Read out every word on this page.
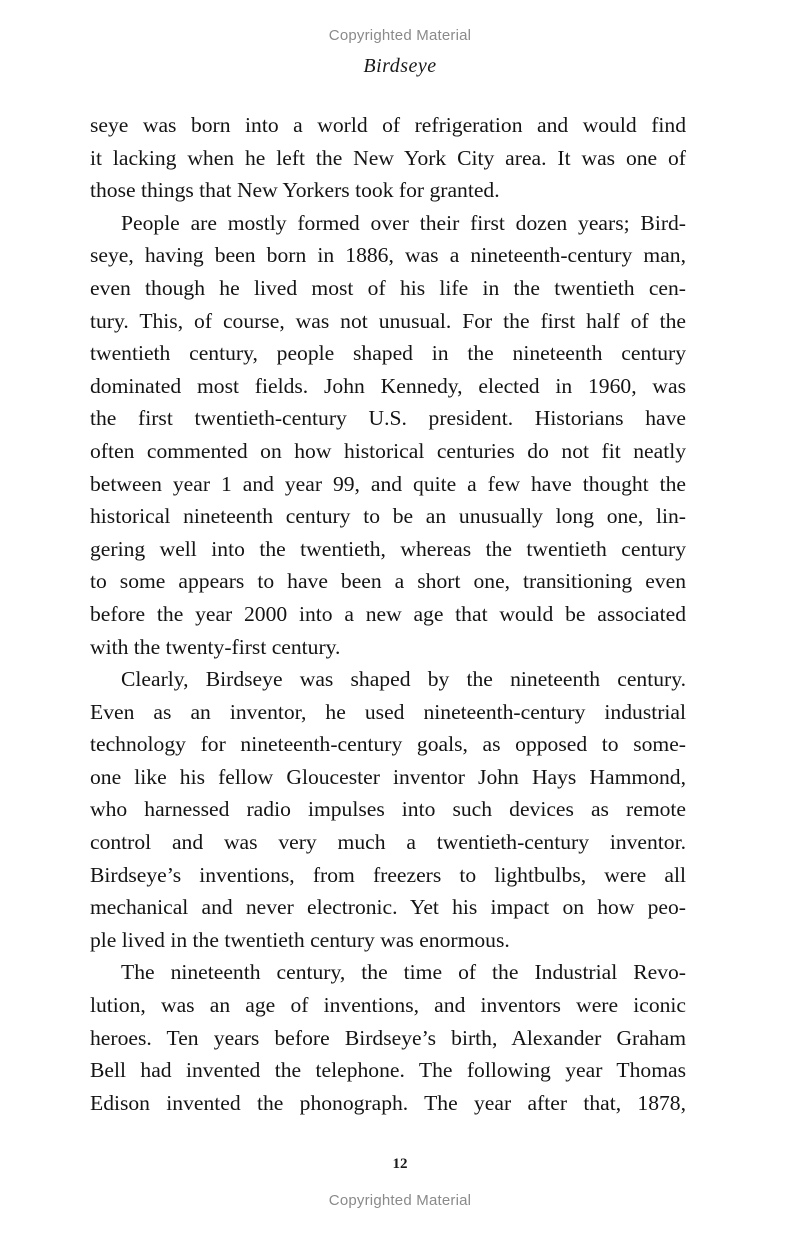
Copyrighted Material
Birdseye
seye was born into a world of refrigeration and would find
it lacking when he left the New York City area. It was one of
those things that New Yorkers took for granted.
People are mostly formed over their first dozen years; Bird-
seye, having been born in 1886, was a nineteenth-century man,
even though he lived most of his life in the twentieth cen-
tury. This, of course, was not unusual. For the first half of the
twentieth century, people shaped in the nineteenth century
dominated most fields. John Kennedy, elected in 1960, was
the first twentieth-century U.S. president. Historians have
often commented on how historical centuries do not fit neatly
between year 1 and year 99, and quite a few have thought the
historical nineteenth century to be an unusually long one, lin-
gering well into the twentieth, whereas the twentieth century
to some appears to have been a short one, transitioning even
before the year 2000 into a new age that would be associated
with the twenty-first century.
Clearly, Birdseye was shaped by the nineteenth century.
Even as an inventor, he used nineteenth-century industrial
technology for nineteenth-century goals, as opposed to some-
one like his fellow Gloucester inventor John Hays Hammond,
who harnessed radio impulses into such devices as remote
control and was very much a twentieth-century inventor.
Birdseye’s inventions, from freezers to lightbulbs, were all
mechanical and never electronic. Yet his impact on how peo-
ple lived in the twentieth century was enormous.
The nineteenth century, the time of the Industrial Revo-
lution, was an age of inventions, and inventors were iconic
heroes. Ten years before Birdseye’s birth, Alexander Graham
Bell had invented the telephone. The following year Thomas
Edison invented the phonograph. The year after that, 1878,
12
Copyrighted Material
